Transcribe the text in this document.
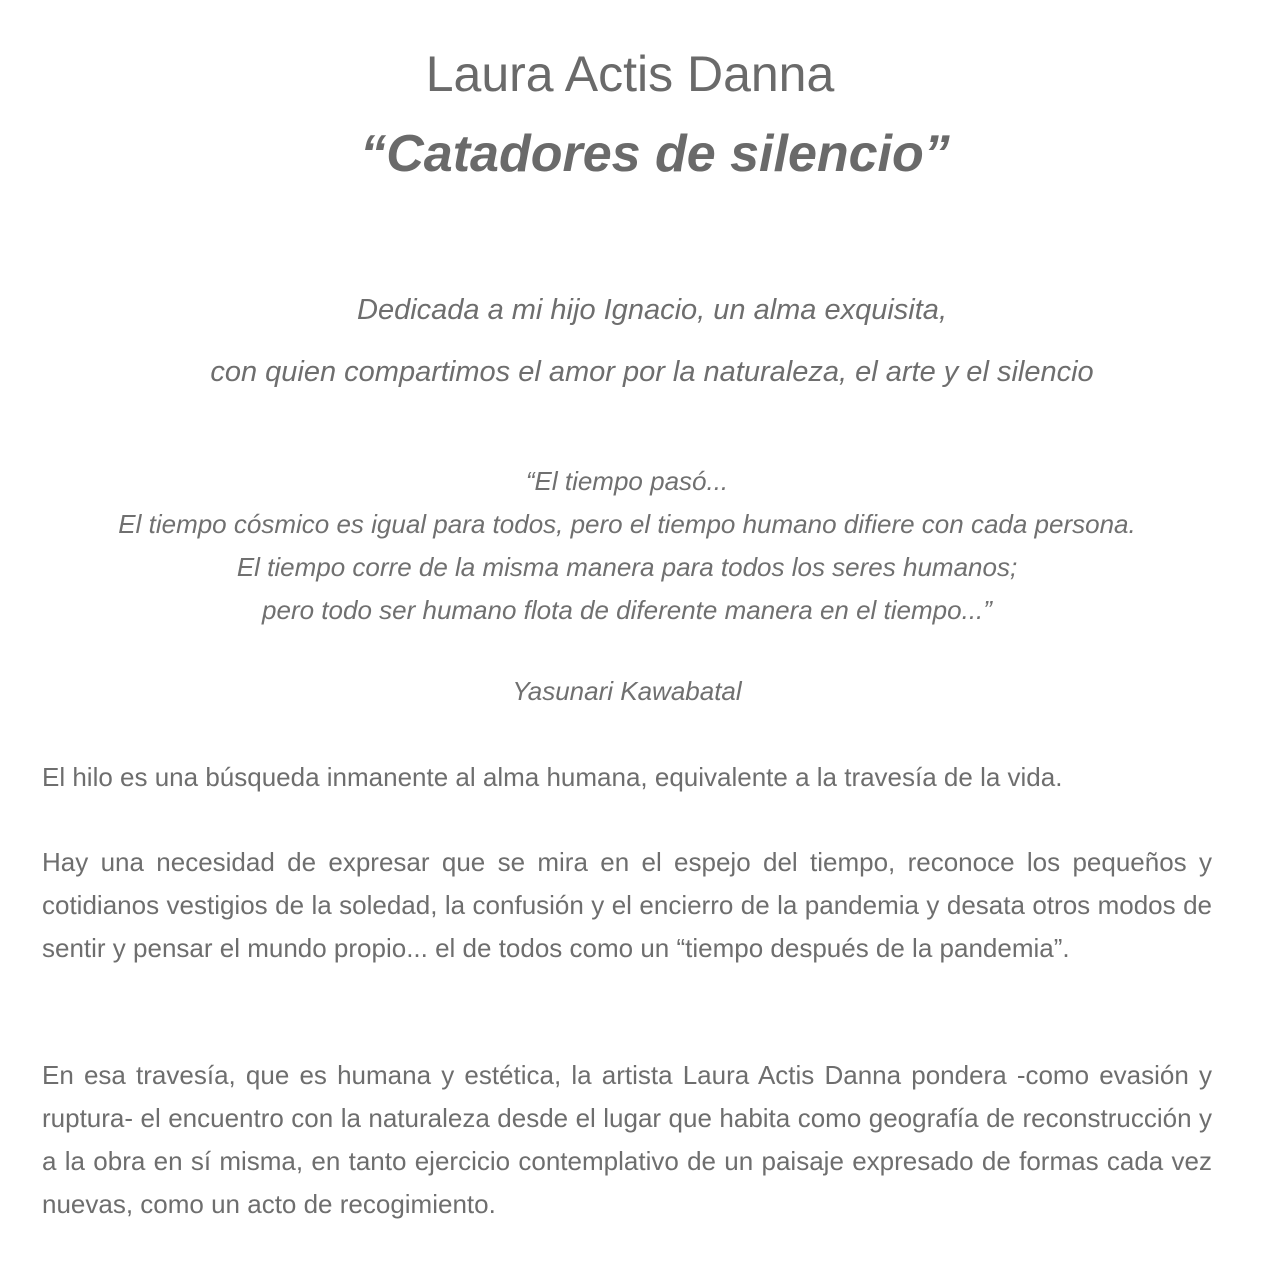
Laura Actis Danna
“Catadores de silencio”
Dedicada a mi hijo Ignacio, un alma exquisita,
con quien compartimos el amor por la naturaleza, el arte y el silencio
“El tiempo pasó...
El tiempo cósmico es igual para todos, pero el tiempo humano difiere con cada persona.
El tiempo corre de la misma manera para todos los seres humanos;
pero todo ser humano flota de diferente manera en el tiempo...”
Yasunari Kawabatal

El hilo es una búsqueda inmanente al alma humana, equivalente a la travesía de la vida.

Hay una necesidad de expresar que se mira en el espejo del tiempo, reconoce los pequeños y cotidianos vestigios de la soledad, la confusión y el encierro de la pandemia y desata otros modos de sentir y pensar el mundo propio... el de todos como un “tiempo después de la pandemia”.

En esa travesía, que es humana y estética, la artista Laura Actis Danna pondera -como evasión y ruptura- el encuentro con la naturaleza desde el lugar que habita como geografía de reconstrucción y a la obra en sí misma, en tanto ejercicio contemplativo de un paisaje expresado de formas cada vez nuevas, como un acto de recogimiento.
